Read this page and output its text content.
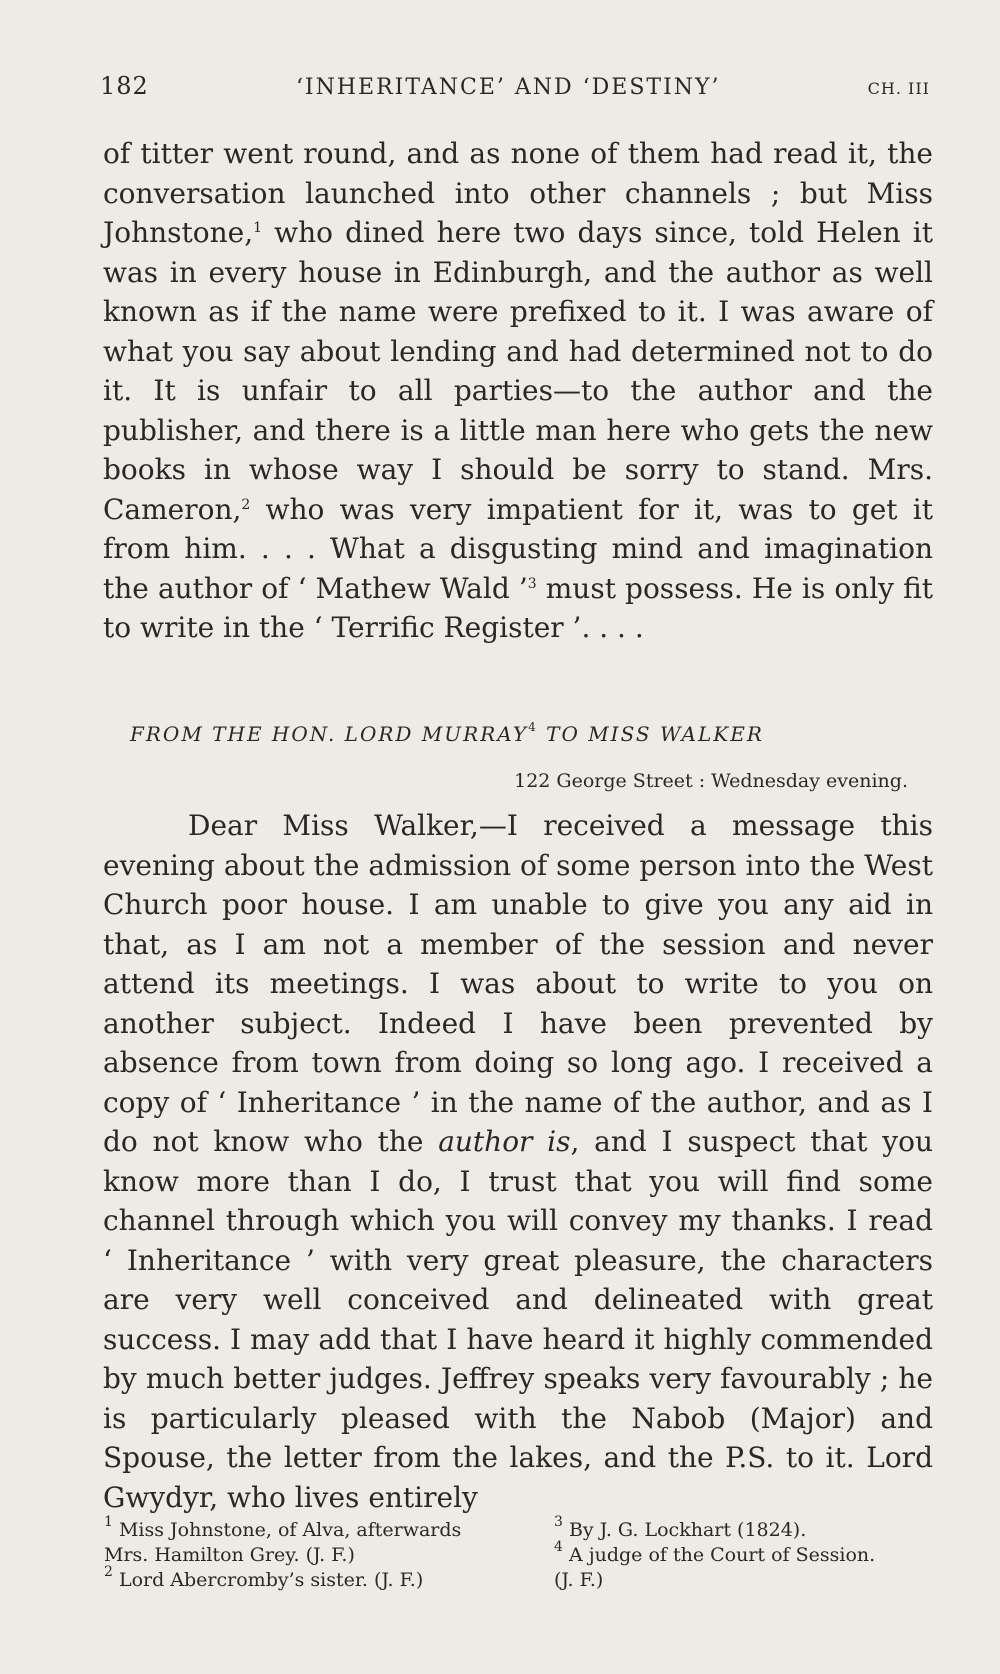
182	‘INHERITANCE’ AND ‘DESTINY’	CH. III

of titter went round, and as none of them had read it, the conversation launched into other channels ; but Miss Johnstone,$^1$ who dined here two days since, told Helen it was in every house in Edinburgh, and the author as well known as if the name were prefixed to it. I was aware of what you say about lending and had determined not to do it. It is unfair to all parties—to the author and the publisher, and there is a little man here who gets the new books in whose way I should be sorry to stand. Mrs. Cameron,$^2$ who was very impatient for it, was to get it from him. . . . What a disgusting mind and imagination the author of ‘ Mathew Wald ’$^3$ must possess. He is only fit to write in the ‘ Terrific Register ’. . . .

FROM THE HON. LORD MURRAY$^4$ TO MISS WALKER
122 George Street : Wednesday evening.

Dear Miss Walker,—I received a message this evening about the admission of some person into the West Church poor house. I am unable to give you any aid in that, as I am not a member of the session and never attend its meetings. I was about to write to you on another subject. Indeed I have been prevented by absence from town from doing so long ago. I received a copy of ‘ Inheritance ’ in the name of the author, and as I do not know who the author is, and I suspect that you know more than I do, I trust that you will find some channel through which you will convey my thanks. I read ‘ Inheritance ’ with very great pleasure, the characters are very well conceived and delineated with great success. I may add that I have heard it highly commended by much better judges. Jeffrey speaks very favourably ; he is particularly pleased with the Nabob (Major) and Spouse, the letter from the lakes, and the P.S. to it. Lord Gwydyr, who lives entirely

$^1$ Miss Johnstone, of Alva, afterwards Mrs. Hamilton Grey. (J. F.)

$^2$ Lord Abercromby’s sister. (J. F.)

$^3$ By J. G. Lockhart (1824).

$^4$ A judge of the Court of Session.

(J. F.)
